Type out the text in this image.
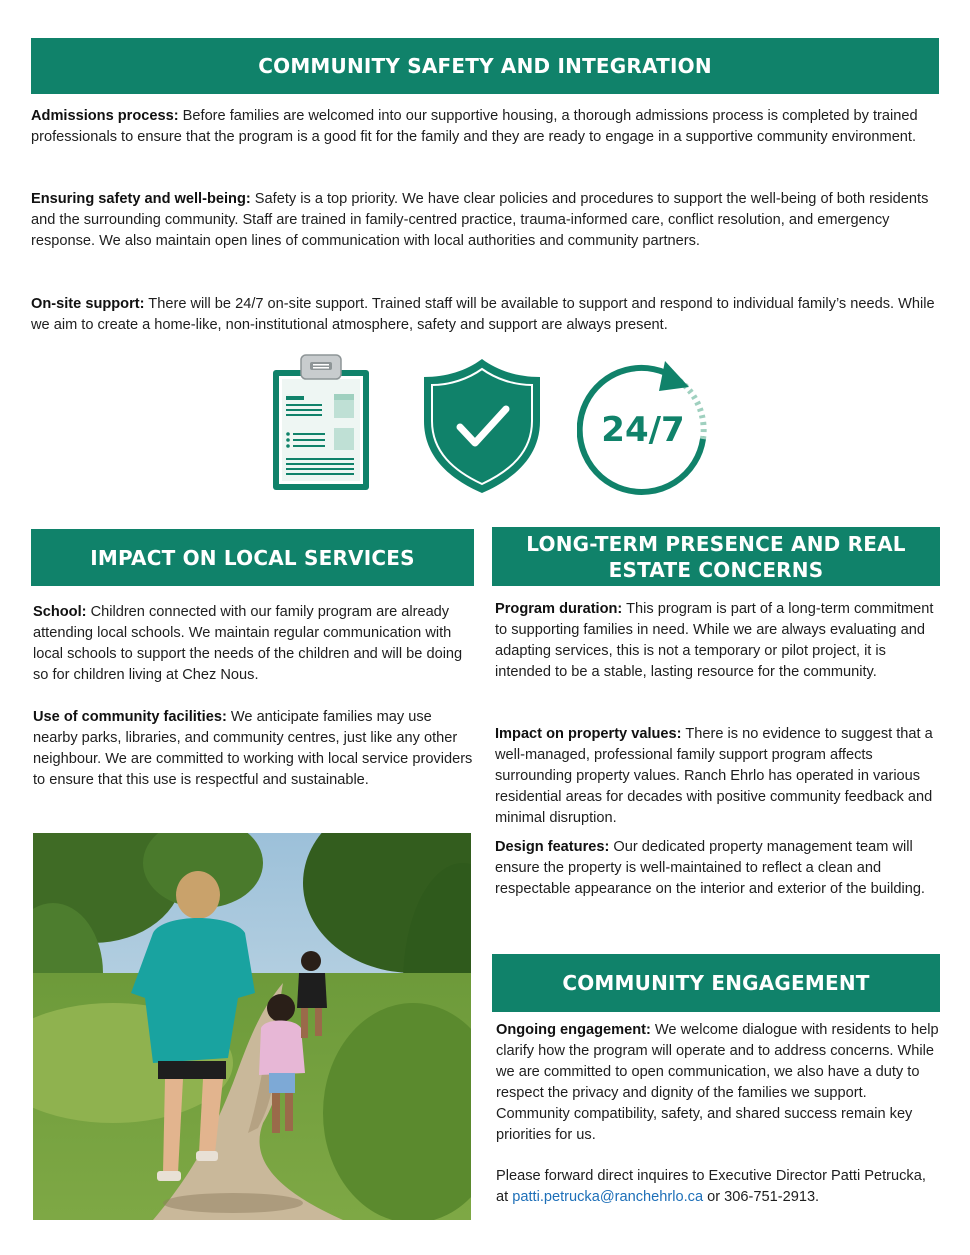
COMMUNITY SAFETY AND INTEGRATION

Admissions process: Before families are welcomed into our supportive housing, a thorough admissions process is completed by trained professionals to ensure that the program is a good fit for the family and they are ready to engage in a supportive community environment.

Ensuring safety and well-being: Safety is a top priority. We have clear policies and procedures to support the well-being of both residents and the surrounding community. Staff are trained in family-centred practice, trauma-informed care, conflict resolution, and emergency response. We also maintain open lines of communication with local authorities and community partners.

On-site support: There will be 24/7 on-site support. Trained staff will be available to support and respond to individual family’s needs. While we aim to create a home-like, non-institutional atmosphere, safety and support are always present.

24/7
IMPACT ON LOCAL SERVICES

School: Children connected with our family program are already attending local schools. We maintain regular communication with local schools to support the needs of the children and will be doing so for children living at Chez Nous.

Use of community facilities: We anticipate families may use nearby parks, libraries, and community centres, just like any other neighbour. We are committed to working with local service providers to ensure that this use is respectful and sustainable.

LONG-TERM PRESENCE AND REAL
ESTATE CONCERNS

Program duration: This program is part of a long-term commitment to supporting families in need. While we are always evaluating and adapting services, this is not a temporary or pilot project, it is intended to be a stable, lasting resource for the community.

Impact on property values: There is no evidence to suggest that a well-managed, professional family support program affects surrounding property values. Ranch Ehrlo has operated in various residential areas for decades with positive community feedback and minimal disruption.

Design features: Our dedicated property management team will ensure the property is well-maintained to reflect a clean and respectable appearance on the interior and exterior of the building.

COMMUNITY ENGAGEMENT

Ongoing engagement: We welcome dialogue with residents to help clarify how the program will operate and to address concerns. While we are committed to open communication, we also have a duty to respect the privacy and dignity of the families we support. Community compatibility, safety, and shared success remain key priorities for us.

Please forward direct inquires to Executive Director Patti Petrucka, at patti.petrucka@ranchehrlo.ca or 306-751-2913.
